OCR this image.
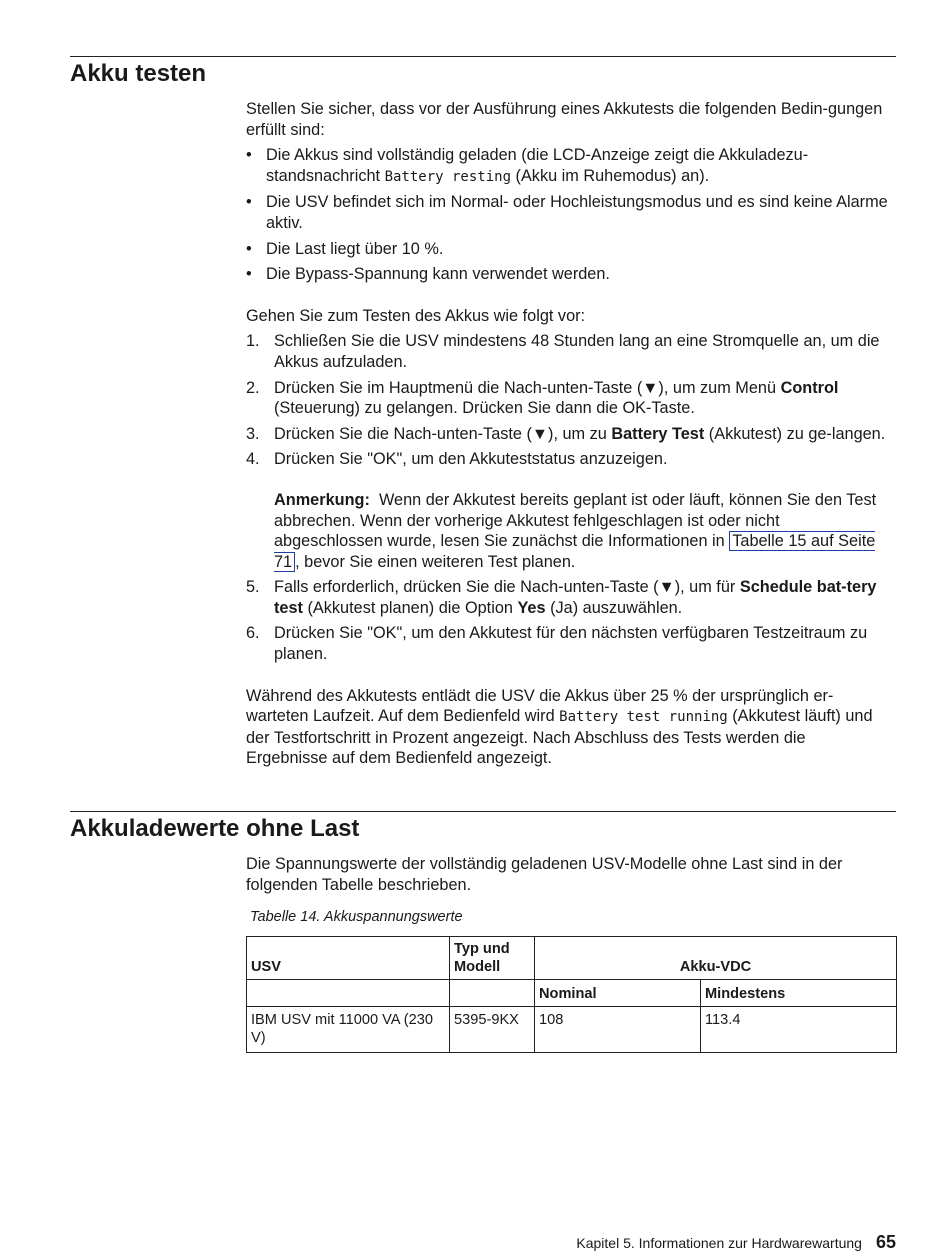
Akku testen

Stellen Sie sicher, dass vor der Ausführung eines Akkutests die folgenden Bedin-gungen erfüllt sind:

• Die Akkus sind vollständig geladen (die LCD-Anzeige zeigt die Akkuladezu-standsnachricht Battery resting (Akku im Ruhemodus) an).
• Die USV befindet sich im Normal- oder Hochleistungsmodus und es sind keine Alarme aktiv.
• Die Last liegt über 10 %.
• Die Bypass-Spannung kann verwendet werden.

Gehen Sie zum Testen des Akkus wie folgt vor:

1. Schließen Sie die USV mindestens 48 Stunden lang an eine Stromquelle an, um die Akkus aufzuladen.
2. Drücken Sie im Hauptmenü die Nach-unten-Taste (▼), um zum Menü Control (Steuerung) zu gelangen. Drücken Sie dann die OK-Taste.
3. Drücken Sie die Nach-unten-Taste (▼), um zu Battery Test (Akkutest) zu ge-langen.
4. Drücken Sie "OK", um den Akkuteststatus anzuzeigen.

Anmerkung: Wenn der Akkutest bereits geplant ist oder läuft, können Sie den Test abbrechen. Wenn der vorherige Akkutest fehlgeschlagen ist oder nicht abgeschlossen wurde, lesen Sie zunächst die Informationen in Tabelle 15 auf Seite 71 , bevor Sie einen weiteren Test planen.

5. Falls erforderlich, drücken Sie die Nach-unten-Taste (▼), um für Schedule bat-tery test (Akkutest planen) die Option Yes (Ja) auszuwählen.
6. Drücken Sie "OK", um den Akkutest für den nächsten verfügbaren Testzeitraum zu planen.

Während des Akkutests entlädt die USV die Akkus über 25 % der ursprünglich er-warteten Laufzeit. Auf dem Bedienfeld wird Battery test running (Akkutest läuft) und der Testfortschritt in Prozent angezeigt. Nach Abschluss des Tests werden die Ergebnisse auf dem Bedienfeld angezeigt.

Akkuladewerte ohne Last

Die Spannungswerte der vollständig geladenen USV-Modelle ohne Last sind in der folgenden Tabelle beschrieben.

Tabelle 14. Akkuspannungswerte

USV	Typ und Modell	Akku-VDC	
		Nominal	Mindestens
IBM USV mit 11000 VA (230 V)	5395-9KX	108	113.4
Kapitel 5. Informationen zur Hardwarewartung 65
